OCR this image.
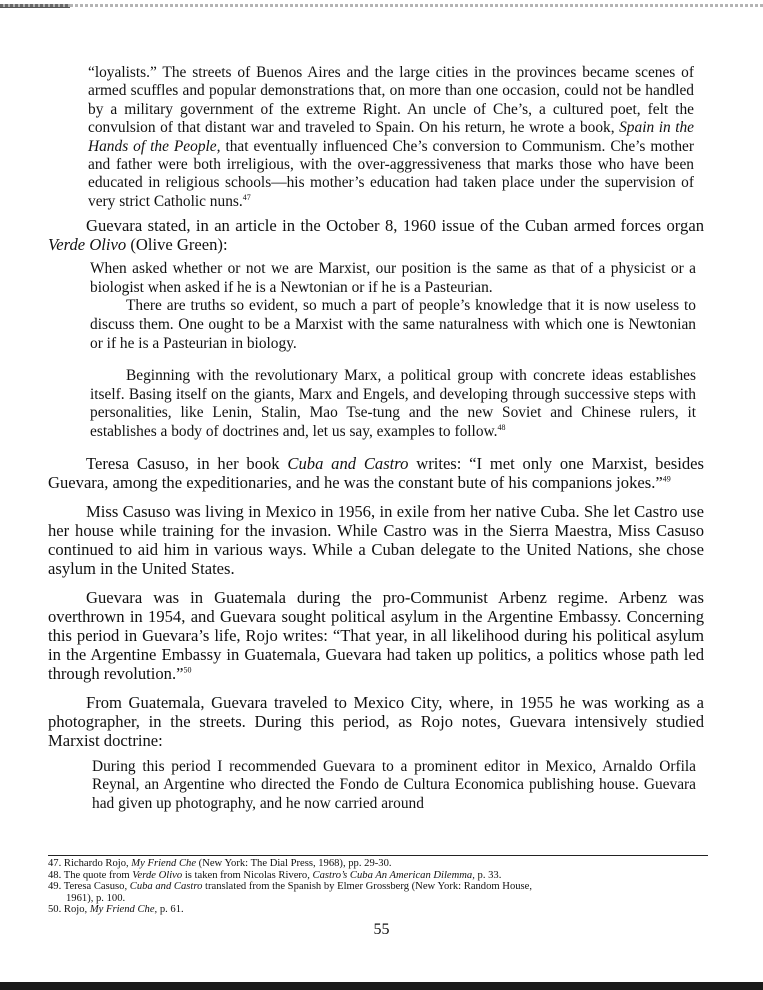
“loyalists.” The streets of Buenos Aires and the large cities in the provinces became scenes of armed scuffles and popular demonstrations that, on more than one occasion, could not be handled by a military government of the extreme Right. An uncle of Che’s, a cultured poet, felt the convulsion of that distant war and traveled to Spain. On his return, he wrote a book, Spain in the Hands of the People, that eventually influenced Che’s conversion to Communism. Che’s mother and father were both irreligious, with the over-aggressiveness that marks those who have been educated in religious schools—his mother’s education had taken place under the supervision of very strict Catholic nuns.$^{47}$

Guevara stated, in an article in the October 8, 1960 issue of the Cuban armed forces organ Verde Olivo (Olive Green):

When asked whether or not we are Marxist, our position is the same as that of a physicist or a biologist when asked if he is a Newtonian or if he is a Pasteurian.

There are truths so evident, so much a part of people’s knowledge that it is now useless to discuss them. One ought to be a Marxist with the same naturalness with which one is Newtonian or if he is a Pasteurian in biology.

Beginning with the revolutionary Marx, a political group with concrete ideas establishes itself. Basing itself on the giants, Marx and Engels, and developing through successive steps with personalities, like Lenin, Stalin, Mao Tse-tung and the new Soviet and Chinese rulers, it establishes a body of doctrines and, let us say, examples to follow.$^{48}$

Teresa Casuso, in her book Cuba and Castro writes: “I met only one Marxist, besides Guevara, among the expeditionaries, and he was the constant bute of his companions jokes.”$^{49}$

Miss Casuso was living in Mexico in 1956, in exile from her native Cuba. She let Castro use her house while training for the invasion. While Castro was in the Sierra Maestra, Miss Casuso continued to aid him in various ways. While a Cuban delegate to the United Nations, she chose asylum in the United States.

Guevara was in Guatemala during the pro-Communist Arbenz regime. Arbenz was overthrown in 1954, and Guevara sought political asylum in the Argentine Embassy. Concerning this period in Guevara’s life, Rojo writes: “That year, in all likelihood during his political asylum in the Argentine Embassy in Guatemala, Guevara had taken up politics, a politics whose path led through revolution.”$^{50}$

From Guatemala, Guevara traveled to Mexico City, where, in 1955 he was working as a photographer, in the streets. During this period, as Rojo notes, Guevara intensively studied Marxist doctrine:

During this period I recommended Guevara to a prominent editor in Mexico, Arnaldo Orfila Reynal, an Argentine who directed the Fondo de Cultura Economica publishing house. Guevara had given up photography, and he now carried around

47. Richardo Rojo, My Friend Che (New York: The Dial Press, 1968), pp. 29-30.

48. The quote from Verde Olivo is taken from Nicolas Rivero, Castro’s Cuba An American Dilemma, p. 33.

49. Teresa Casuso, Cuba and Castro translated from the Spanish by Elmer Grossberg (New York: Random House,
1961), p. 100.

50. Rojo, My Friend Che, p. 61.

55
